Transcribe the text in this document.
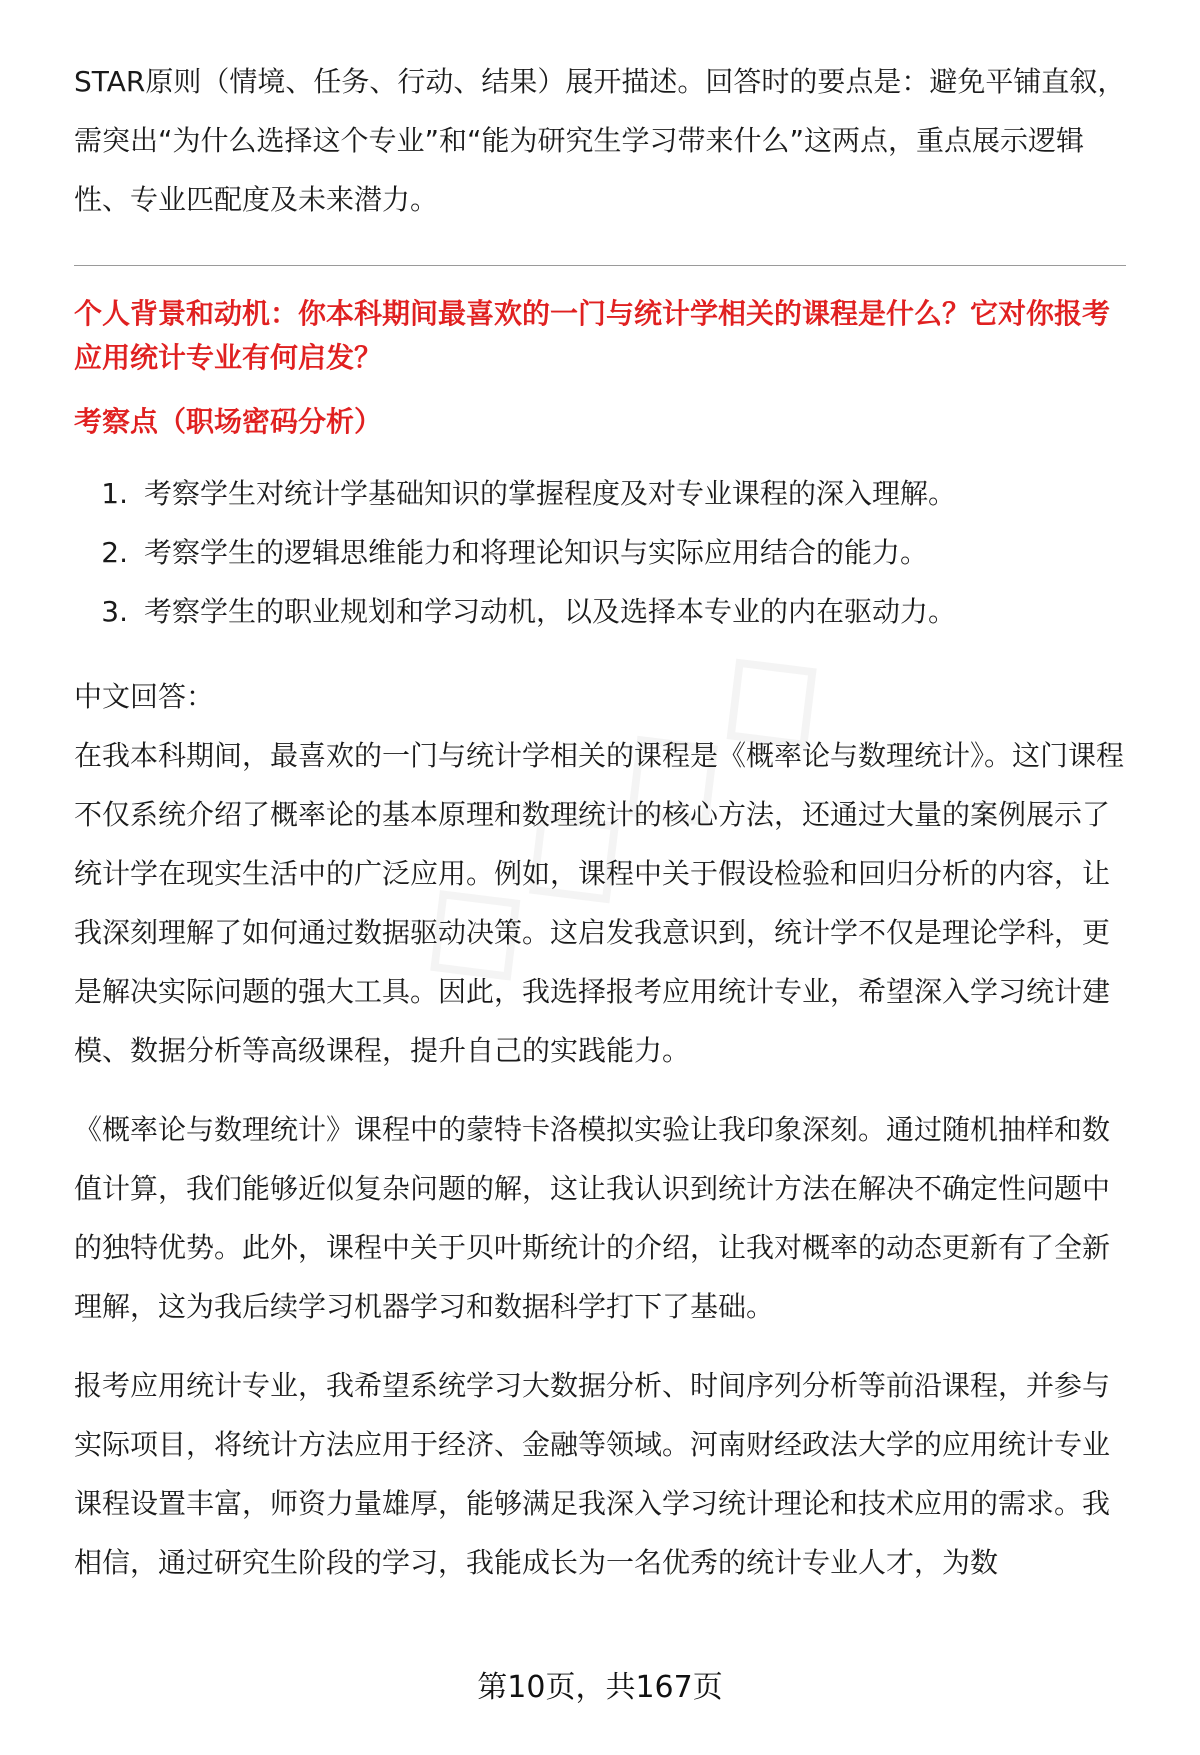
STAR原则（情境、任务、行动、结果）展开描述。回答时的要点是：避免平铺直叙，需突出“为什么选择这个专业”和“能为研究生学习带来什么”这两点，重点展示逻辑性、专业匹配度及未来潜力。

个人背景和动机：你本科期间最喜欢的一门与统计学相关的课程是什么？它对你报考应用统计专业有何启发？

考察点（职场密码分析）

1. 考察学生对统计学基础知识的掌握程度及对专业课程的深入理解。
2. 考察学生的逻辑思维能力和将理论知识与实际应用结合的能力。
3. 考察学生的职业规划和学习动机，以及选择本专业的内在驱动力。

中文回答：

在我本科期间，最喜欢的一门与统计学相关的课程是《概率论与数理统计》。这门课程不仅系统介绍了概率论的基本原理和数理统计的核心方法，还通过大量的案例展示了统计学在现实生活中的广泛应用。例如，课程中关于假设检验和回归分析的内容，让我深刻理解了如何通过数据驱动决策。这启发我意识到，统计学不仅是理论学科，更是解决实际问题的强大工具。因此，我选择报考应用统计专业，希望深入学习统计建模、数据分析等高级课程，提升自己的实践能力。

《概率论与数理统计》课程中的蒙特卡洛模拟实验让我印象深刻。通过随机抽样和数值计算，我们能够近似复杂问题的解，这让我认识到统计方法在解决不确定性问题中的独特优势。此外，课程中关于贝叶斯统计的介绍，让我对概率的动态更新有了全新理解，这为我后续学习机器学习和数据科学打下了基础。

报考应用统计专业，我希望系统学习大数据分析、时间序列分析等前沿课程，并参与实际项目，将统计方法应用于经济、金融等领域。河南财经政法大学的应用统计专业课程设置丰富，师资力量雄厚，能够满足我深入学习统计理论和技术应用的需求。我相信，通过研究生阶段的学习，我能成长为一名优秀的统计专业人才，为数

第10页，共167页
